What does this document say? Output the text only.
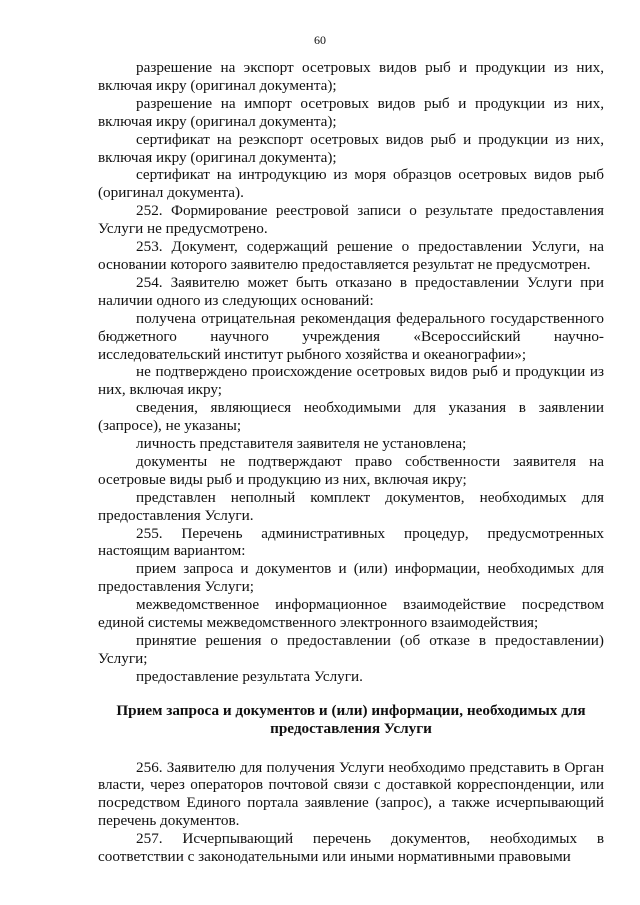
60

разрешение на экспорт осетровых видов рыб и продукции из них, включая икру (оригинал документа);

разрешение на импорт осетровых видов рыб и продукции из них, включая икру (оригинал документа);

сертификат на реэкспорт осетровых видов рыб и продукции из них, включая икру (оригинал документа);

сертификат на интродукцию из моря образцов осетровых видов рыб (оригинал документа).

252. Формирование реестровой записи о результате предоставления Услуги не предусмотрено.

253. Документ, содержащий решение о предоставлении Услуги, на основании которого заявителю предоставляется результат не предусмотрен.

254. Заявителю может быть отказано в предоставлении Услуги при наличии одного из следующих оснований:

получена отрицательная рекомендация федерального государственного бюджетного научного учреждения «Всероссийский научно-исследовательский институт рыбного хозяйства и океанографии»;

не подтверждено происхождение осетровых видов рыб и продукции из них, включая икру;

сведения, являющиеся необходимыми для указания в заявлении (запросе), не указаны;

личность представителя заявителя не установлена;

документы не подтверждают право собственности заявителя на осетровые виды рыб и продукцию из них, включая икру;

представлен неполный комплект документов, необходимых для предоставления Услуги.

255. Перечень административных процедур, предусмотренных настоящим вариантом:

прием запроса и документов и (или) информации, необходимых для предоставления Услуги;

межведомственное информационное взаимодействие посредством единой системы межведомственного электронного взаимодействия;

принятие решения о предоставлении (об отказе в предоставлении) Услуги;

предоставление результата Услуги.

Прием запроса и документов и (или) информации, необходимых для предоставления Услуги

256. Заявителю для получения Услуги необходимо представить в Орган власти, через операторов почтовой связи с доставкой корреспонденции, или посредством Единого портала заявление (запрос), а также исчерпывающий перечень документов.

257. Исчерпывающий перечень документов, необходимых в соответствии с законодательными или иными нормативными правовыми
